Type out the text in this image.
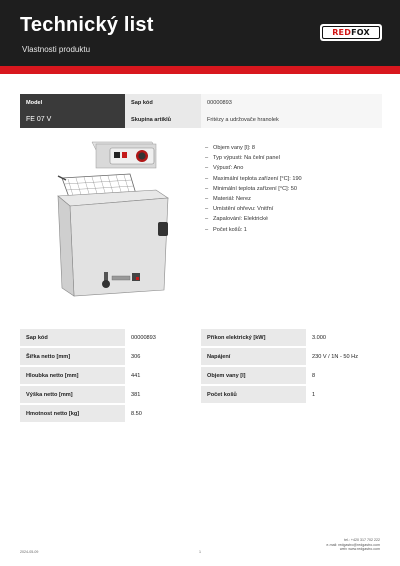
Technický list
Vlastnosti produktu
RED FOX
Model	Sap kód	00000893
FE 07 V	Skupina artiklů	Fritézy a udržovače hranolek
– Objem vany [l]: 8
– Typ výpusti: Na čelní panel
– Výpusť: Ano
– Maximální teplota zařízení [°C]: 190
– Minimální teplota zařízení [°C]: 50
– Materiál: Nerez
– Umístění ohřevu: Vnitřní
– Zapalování: Elektrické
– Počet košů: 1
Sap kód	00000893	Příkon elektrický [kW]	3.000
Šířka netto [mm]	306	Napájení	230 V / 1N - 50 Hz
Hloubka netto [mm]	441	Objem vany [l]	8
Výška netto [mm]	381	Počet košů	1
Hmotnost netto [kg]	8.50
tel.: +420 317 702 222
e-mail: redgastro@redgastro.com
web: www.redgastro.com
2024-05-09	1
